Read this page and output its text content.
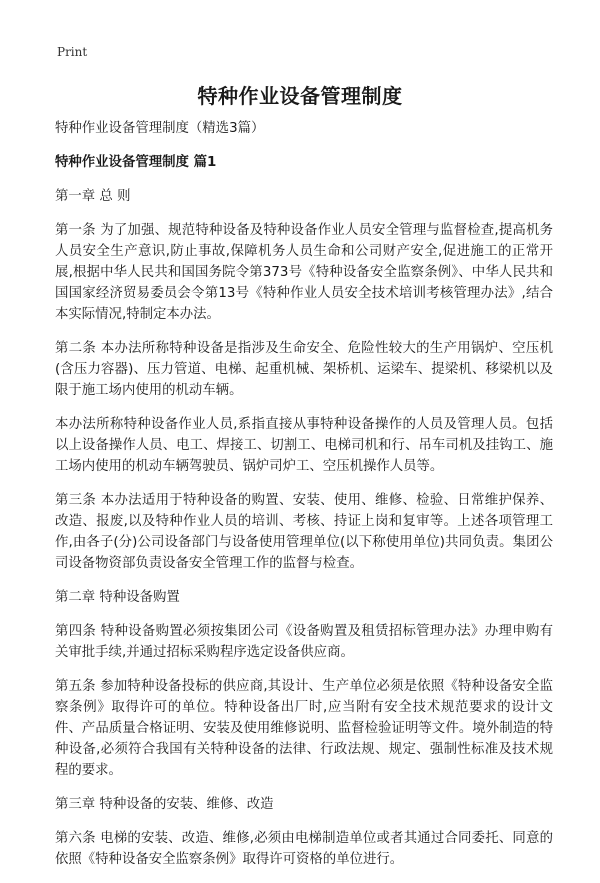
Print
特种作业设备管理制度

特种作业设备管理制度（精选3篇）

特种作业设备管理制度 篇1

第一章 总 则

第一条 为了加强、规范特种设备及特种设备作业人员安全管理与监督检查,提高机务人员安全生产意识,防止事故,保障机务人员生命和公司财产安全,促进施工的正常开展,根据中华人民共和国国务院令第373号《特种设备安全监察条例》、中华人民共和国国家经济贸易委员会令第13号《特种作业人员安全技术培训考核管理办法》,结合本实际情况,特制定本办法。

第二条 本办法所称特种设备是指涉及生命安全、危险性较大的生产用锅炉、空压机(含压力容器)、压力管道、电梯、起重机械、架桥机、运梁车、提梁机、移梁机以及限于施工场内使用的机动车辆。

本办法所称特种设备作业人员,系指直接从事特种设备操作的人员及管理人员。包括以上设备操作人员、电工、焊接工、切割工、电梯司机和行、吊车司机及挂钩工、施工场内使用的机动车辆驾驶员、锅炉司炉工、空压机操作人员等。

第三条 本办法适用于特种设备的购置、安装、使用、维修、检验、日常维护保养、改造、报废,以及特种作业人员的培训、考核、持证上岗和复审等。上述各项管理工作,由各子(分)公司设备部门与设备使用管理单位(以下称使用单位)共同负责。集团公司设备物资部负责设备安全管理工作的监督与检查。

第二章 特种设备购置

第四条 特种设备购置必须按集团公司《设备购置及租赁招标管理办法》办理申购有关审批手续,并通过招标采购程序选定设备供应商。

第五条 参加特种设备投标的供应商,其设计、生产单位必须是依照《特种设备安全监察条例》取得许可的单位。特种设备出厂时,应当附有安全技术规范要求的设计文件、产品质量合格证明、安装及使用维修说明、监督检验证明等文件。境外制造的特种设备,必须符合我国有关特种设备的法律、行政法规、规定、强制性标准及技术规程的要求。

第三章 特种设备的安装、维修、改造

第六条 电梯的安装、改造、维修,必须由电梯制造单位或者其通过合同委托、同意的依照《特种设备安全监察条例》取得许可资格的单位进行。
